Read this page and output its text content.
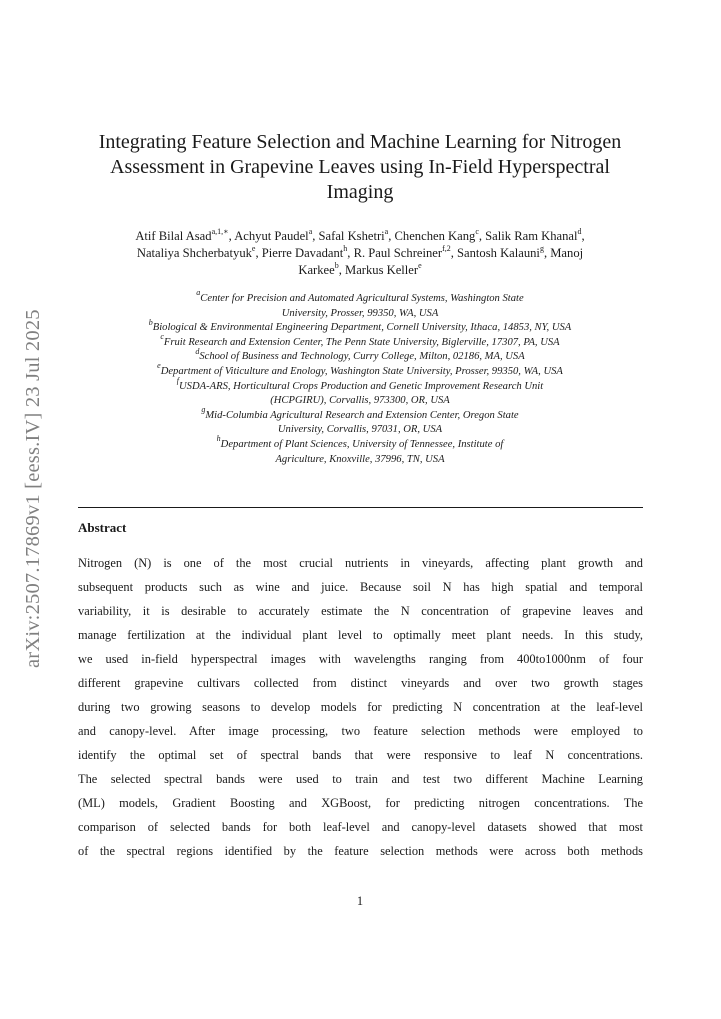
arXiv:2507.17869v1 [eess.IV] 23 Jul 2025
Integrating Feature Selection and Machine Learning for Nitrogen
Assessment in Grapevine Leaves using In-Field Hyperspectral
Imaging
Atif Bilal Asad$^{a,1,∗}$, Achyut Paudel$^a$, Safal Kshetri$^a$, Chenchen Kang$^c$, Salik Ram Khanal$^d$,
Nataliya Shcherbatyuk$^e$, Pierre Davadant$^h$, R. Paul Schreiner$^{f,2}$, Santosh Kalauni$^g$, Manoj
Karkee$^b$, Markus Keller$^e$
$^a$Center for Precision and Automated Agricultural Systems, Washington State
University, Prosser, 99350, WA, USA
$^b$Biological & Environmental Engineering Department, Cornell University, Ithaca, 14853, NY, USA
$^c$Fruit Research and Extension Center, The Penn State University, Biglerville, 17307, PA, USA
$^d$School of Business and Technology, Curry College, Milton, 02186, MA, USA
$^e$Department of Viticulture and Enology, Washington State University, Prosser, 99350, WA, USA
$^f$USDA-ARS, Horticultural Crops Production and Genetic Improvement Research Unit
(HCPGIRU), Corvallis, 973300, OR, USA
$^g$Mid-Columbia Agricultural Research and Extension Center, Oregon State
University, Corvallis, 97031, OR, USA
$^h$Department of Plant Sciences, University of Tennessee, Institute of
Agriculture, Knoxville, 37996, TN, USA
Abstract
Nitrogen (N) is one of the most crucial nutrients in vineyards, affecting plant growth and
subsequent products such as wine and juice. Because soil N has high spatial and temporal
variability, it is desirable to accurately estimate the N concentration of grapevine leaves and
manage fertilization at the individual plant level to optimally meet plant needs. In this study,
we used in-field hyperspectral images with wavelengths ranging from 400to1000nm of four
different grapevine cultivars collected from distinct vineyards and over two growth stages
during two growing seasons to develop models for predicting N concentration at the leaf-level
and canopy-level. After image processing, two feature selection methods were employed to
identify the optimal set of spectral bands that were responsive to leaf N concentrations.
The selected spectral bands were used to train and test two different Machine Learning
(ML) models, Gradient Boosting and XGBoost, for predicting nitrogen concentrations. The
comparison of selected bands for both leaf-level and canopy-level datasets showed that most
of the spectral regions identified by the feature selection methods were across both methods
1
